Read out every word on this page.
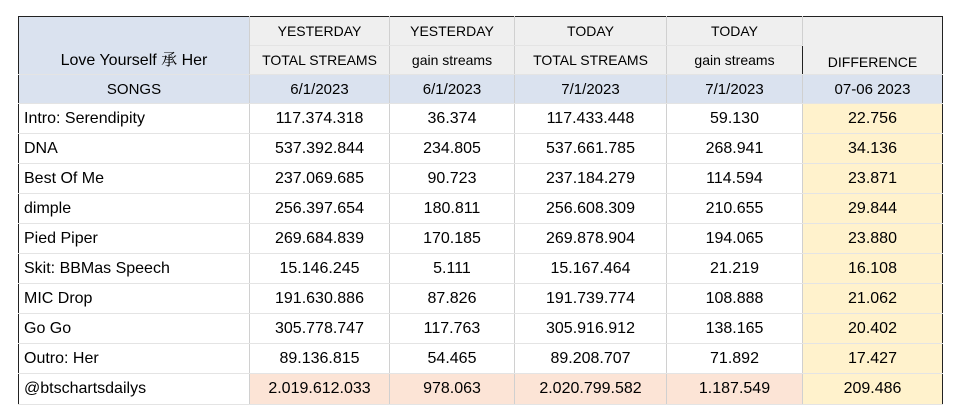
Love Yourself 承 Her	YESTERDAY	YESTERDAY	TODAY	TODAY	DIFFERENCE
	TOTAL STREAMS	gain streams	TOTAL STREAMS	gain streams	
SONGS	6/1/2023	6/1/2023	7/1/2023	7/1/2023	07-06 2023
Intro: Serendipity	117.374.318	36.374	117.433.448	59.130	22.756
DNA	537.392.844	234.805	537.661.785	268.941	34.136
Best Of Me	237.069.685	90.723	237.184.279	114.594	23.871
dimple	256.397.654	180.811	256.608.309	210.655	29.844
Pied Piper	269.684.839	170.185	269.878.904	194.065	23.880
Skit: BBMas Speech	15.146.245	5.111	15.167.464	21.219	16.108
MIC Drop	191.630.886	87.826	191.739.774	108.888	21.062
Go Go	305.778.747	117.763	305.916.912	138.165	20.402
Outro: Her	89.136.815	54.465	89.208.707	71.892	17.427
@btschartsdailys	2.019.612.033	978.063	2.020.799.582	1.187.549	209.486
